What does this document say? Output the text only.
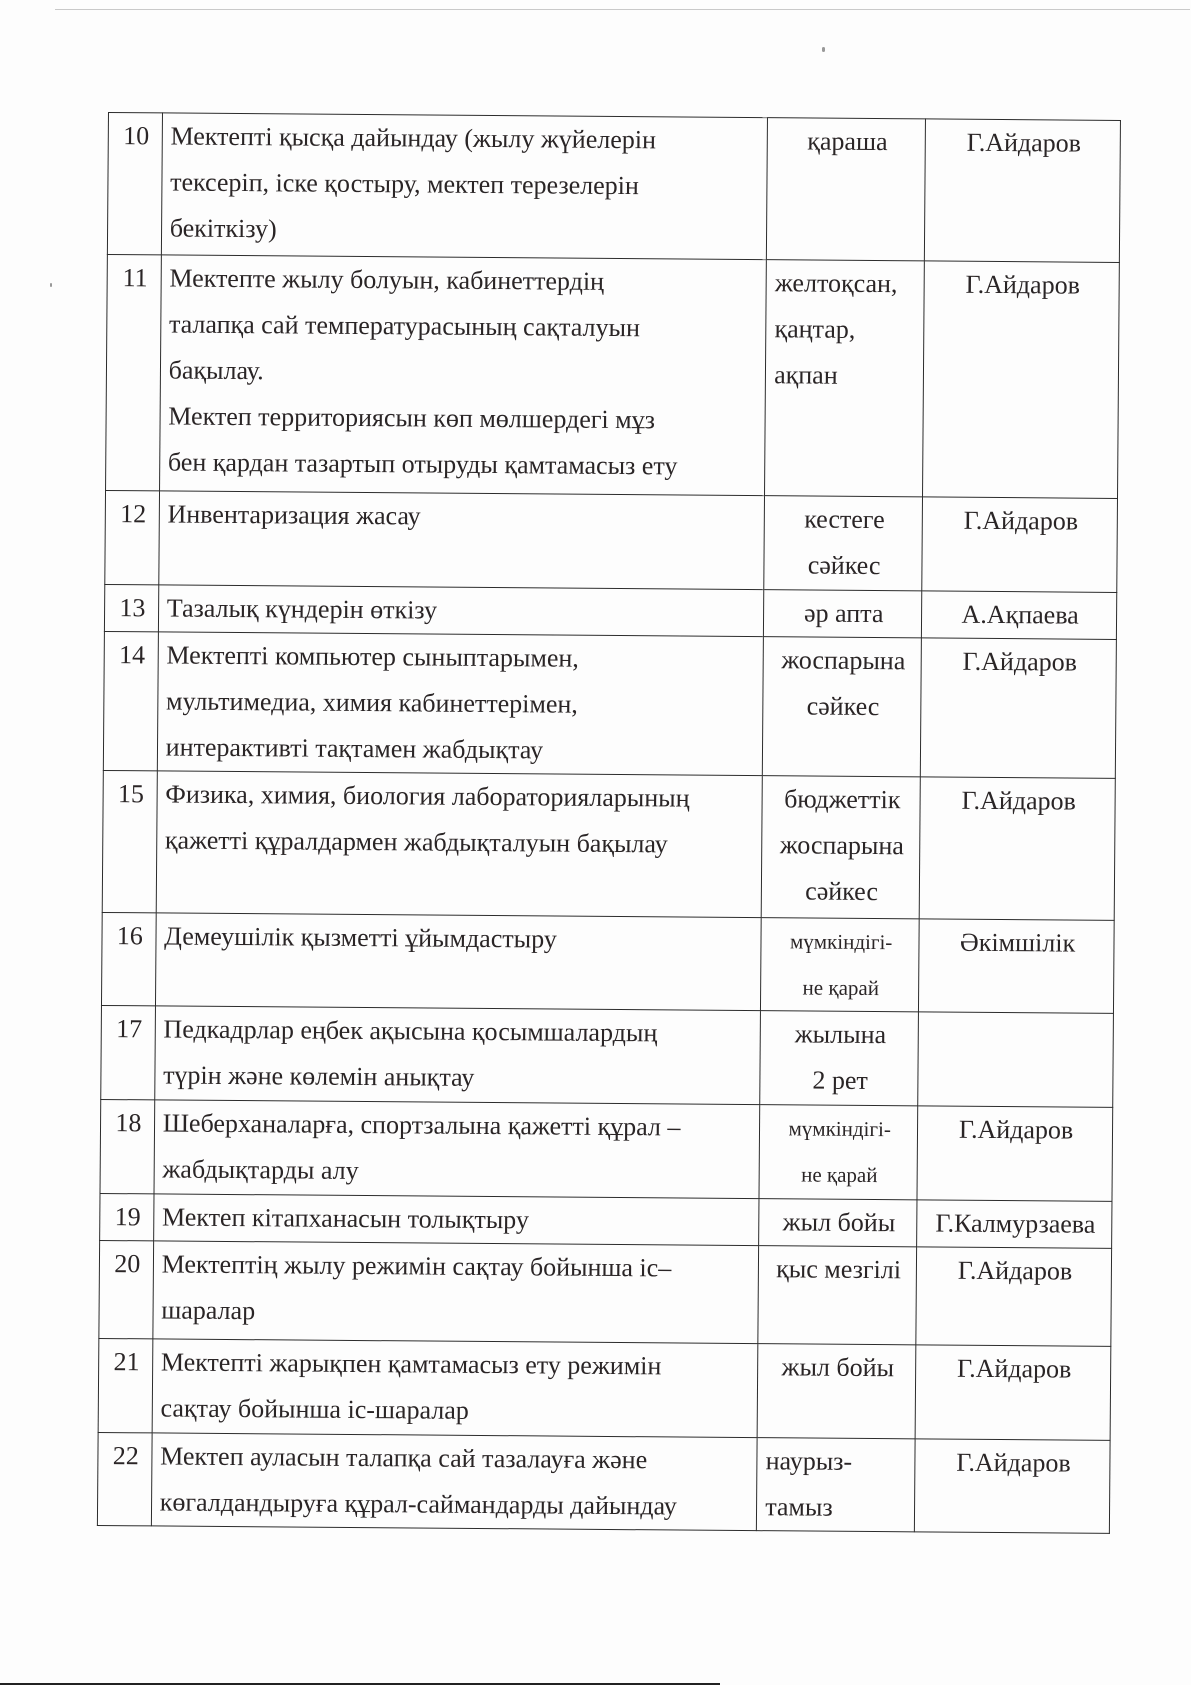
10	Мектепті қысқа дайындау (жылу жүйелерін
тексеріп, іске қостыру, мектеп терезелерін
бекіткізу)	қараша	Г.Айдаров
11	Мектепте жылу болуын, кабинеттердің
талапқа сай температурасының сақталуын
бақылау.
Мектеп территориясын көп мөлшердегі мұз
бен қардан тазартып отыруды қамтамасыз ету	желтоқсан,
қаңтар,
ақпан	Г.Айдаров
12	Инвентаризация жасау	кестеге
сәйкес	Г.Айдаров
13	Тазалық күндерін өткізу	әр апта	А.Ақпаева
14	Мектепті компьютер сыныптарымен,
мультимедиа, химия кабинеттерімен,
интерактивті тақтамен жабдықтау	жоспарына
сәйкес	Г.Айдаров
15	Физика, химия, биология лабораторияларының
қажетті құралдармен жабдықталуын бақылау	бюджеттік
жоспарына
сәйкес	Г.Айдаров
16	Демеушілік қызметті ұйымдастыру	мүмкіндігі-
не қарай	Әкімшілік
17	Педкадрлар еңбек ақысына қосымшалардың
түрін және көлемін анықтау	жылына
2 рет	

18	Шеберханаларға, спортзалына қажетті құрал –
жабдықтарды алу	мүмкіндігі-
не қарай	Г.Айдаров
19	Мектеп кітапханасын толықтыру	жыл бойы	Г.Калмурзаева
20	Мектептің жылу режимін сақтау бойынша іс–
шаралар	қыс мезгілі	Г.Айдаров
21	Мектепті жарықпен қамтамасыз ету режимін
сақтау бойынша іс-шаралар	жыл бойы	Г.Айдаров
22	Мектеп ауласын талапқа сай тазалауға және
көгалдандыруға құрал-саймандарды дайындау	наурыз-
тамыз	Г.Айдаров
